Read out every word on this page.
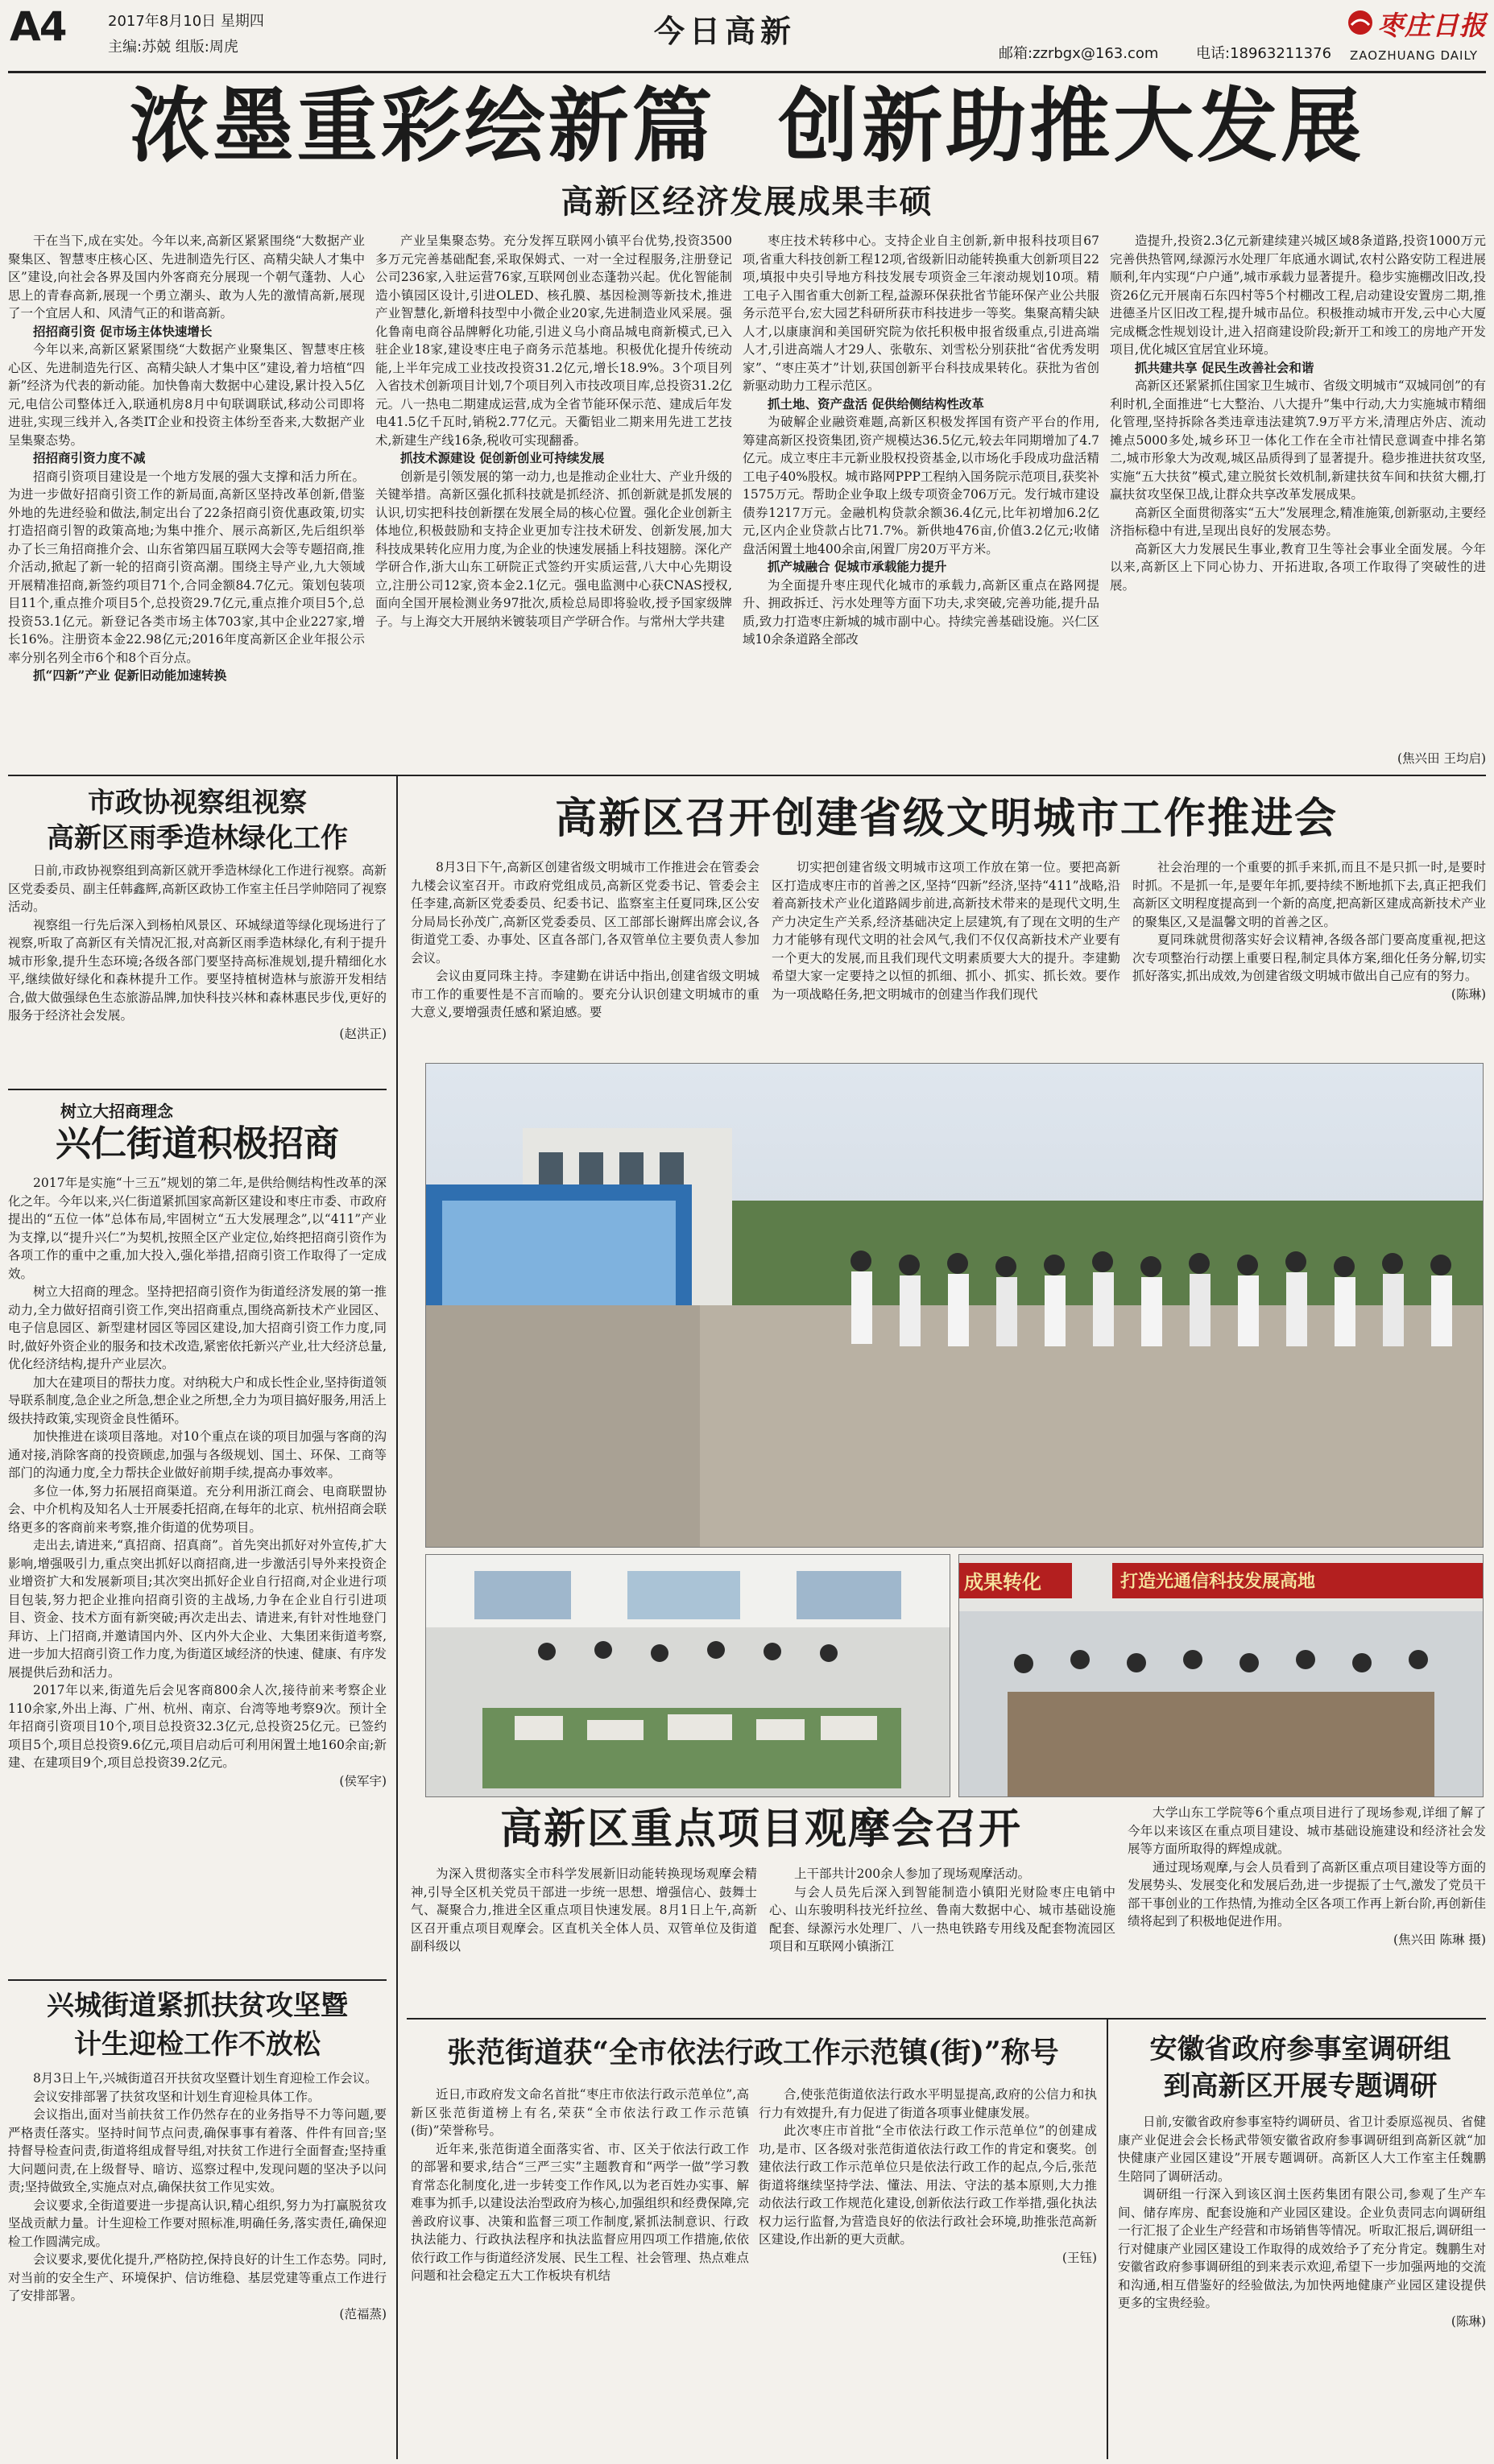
A4	2017年8月10日 星期四
主编:苏兢 组版:周虎	今日高新
邮箱:zzrbgx@163.com	电话:18963211376
枣庄日报
ZAOZHUANG DAILY
浓墨重彩绘新篇  创新助推大发展
高新区经济发展成果丰硕

干在当下,成在实处。今年以来,高新区紧紧围绕“大数据产业聚集区、智慧枣庄核心区、先进制造先行区、高精尖缺人才集中区”建设,向社会各界及国内外客商充分展现一个朝气蓬勃、人心思上的青春高新,展现一个勇立潮头、敢为人先的激情高新,展现了一个宜居人和、风清气正的和谐高新。

招招商引资 促市场主体快速增长

今年以来,高新区紧紧围绕“大数据产业聚集区、智慧枣庄核心区、先进制造先行区、高精尖缺人才集中区”建设,着力培植“四新”经济为代表的新动能。加快鲁南大数据中心建设,累计投入5亿元,电信公司整体迁入,联通机房8月中旬联调联试,移动公司即将进驻,实现三线并入,各类IT企业和投资主体纷至沓来,大数据产业呈集聚态势。

招招商引资力度不减

招商引资项目建设是一个地方发展的强大支撑和活力所在。为进一步做好招商引资工作的新局面,高新区坚持改革创新,借鉴外地的先进经验和做法,制定出台了22条招商引资优惠政策,切实打造招商引智的政策高地;为集中推介、展示高新区,先后组织举办了长三角招商推介会、山东省第四届互联网大会等专题招商,推介活动,掀起了新一轮的招商引资高潮。围绕主导产业,九大领域开展精准招商,新签约项目71个,合同金额84.7亿元。策划包装项目11个,重点推介项目5个,总投资29.7亿元,重点推介项目5个,总投资53.1亿元。新登记各类市场主体703家,其中企业227家,增长16%。注册资本金22.98亿元;2016年度高新区企业年报公示率分别名列全市6个和8个百分点。

抓“四新”产业 促新旧动能加速转换

产业呈集聚态势。充分发挥互联网小镇平台优势,投资3500多万元完善基础配套,采取保姆式、一对一全过程服务,注册登记公司236家,入驻运营76家,互联网创业态蓬勃兴起。优化智能制造小镇园区设计,引进OLED、核孔膜、基因检测等新技术,推进产业智慧化,新增科技型中小微企业20家,先进制造业风采展。强化鲁南电商谷品牌孵化功能,引进义乌小商品城电商新模式,已入驻企业18家,建设枣庄电子商务示范基地。积极优化提升传统动能,上半年完成工业技改投资31.2亿元,增长18.9%。3个项目列入省技术创新项目计划,7个项目列入市技改项目库,总投资31.2亿元。八一热电二期建成运营,成为全省节能环保示范、建成后年发电41.5亿千瓦时,销税2.77亿元。天衢铝业二期来用先进工艺技术,新建生产线16条,税收可实现翻番。

抓技术源建设 促创新创业可持续发展

创新是引领发展的第一动力,也是推动企业壮大、产业升级的关键举措。高新区强化抓科技就是抓经济、抓创新就是抓发展的认识,切实把科技创新摆在发展全局的核心位置。强化企业创新主体地位,积极鼓励和支持企业更加专注技术研发、创新发展,加大科技成果转化应用力度,为企业的快速发展插上科技翅膀。深化产学研合作,浙大山东工研院正式签约开实质运营,八大中心先期设立,注册公司12家,资本金2.1亿元。强电监测中心获CNAS授权,面向全国开展检测业务97批次,质检总局即将验收,授予国家级牌子。与上海交大开展纳米镀装项目产学研合作。与常州大学共建

枣庄技术转移中心。支持企业自主创新,新申报科技项目67项,省重大科技创新工程12项,省级新旧动能转换重大创新项目22项,填报中央引导地方科技发展专项资金三年滚动规划10项。精工电子入围省重大创新工程,益源环保获批省节能环保产业公共服务示范平台,宏大园艺科研所获市科技进步一等奖。集聚高精尖缺人才,以康康润和美国研究院为依托积极申报省级重点,引进高端人才,引进高端人才29人、张敬东、刘雪松分别获批“省优秀发明家”、“枣庄英才”计划,获国创新平台科技成果转化。获批为省创新驱动助力工程示范区。

抓土地、资产盘活 促供给侧结构性改革

为破解企业融资难题,高新区积极发挥国有资产平台的作用,筹建高新区投资集团,资产规模达36.5亿元,较去年同期增加了4.7亿元。成立枣庄丰元新业股权投资基金,以市场化手段成功盘活精工电子40%股权。城市路网PPP工程纳入国务院示范项目,获奖补1575万元。帮助企业争取上级专项资金706万元。发行城市建设债券1217万元。金融机构贷款余额36.4亿元,比年初增加6.2亿元,区内企业贷款占比71.7%。新供地476亩,价值3.2亿元;收储盘活闲置土地400余亩,闲置厂房20万平方米。

抓产城融合 促城市承载能力提升

为全面提升枣庄现代化城市的承载力,高新区重点在路网提升、拥政拆迁、污水处理等方面下功夫,求突破,完善功能,提升品质,致力打造枣庄新城的城市副中心。持续完善基础设施。兴仁区域10余条道路全部改

造提升,投资2.3亿元新建续建兴城区域8条道路,投资1000万元完善供热管网,绿源污水处理厂年底通水调试,农村公路安防工程进展顺利,年内实现“户户通”,城市承载力显著提升。稳步实施棚改旧改,投资26亿元开展南石东四村等5个村棚改工程,启动建设安置房二期,推进德圣片区旧改工程,提升城市品位。积极推动城市开发,云中心大厦完成概念性规划设计,进入招商建设阶段;新开工和竣工的房地产开发项目,优化城区宜居宜业环境。

抓共建共享 促民生改善社会和谐

高新区还紧紧抓住国家卫生城市、省级文明城市“双城同创”的有利时机,全面推进“七大整治、八大提升”集中行动,大力实施城市精细化管理,坚持拆除各类违章违法建筑7.9万平方米,清理店外店、流动摊点5000多处,城乡环卫一体化工作在全市社情民意调查中排名第二,城市形象大为改观,城区品质得到了显著提升。稳步推进扶贫攻坚,实施“五大扶贫”模式,建立脱贫长效机制,新建扶贫车间和扶贫大棚,打赢扶贫攻坚保卫战,让群众共享改革发展成果。

高新区全面贯彻落实“五大”发展理念,精准施策,创新驱动,主要经济指标稳中有进,呈现出良好的发展态势。

高新区大力发展民生事业,教育卫生等社会事业全面发展。今年以来,高新区上下同心协力、开拓进取,各项工作取得了突破性的进展。

(焦兴田 王均启)
市政协视察组视察
高新区雨季造林绿化工作

日前,市政协视察组到高新区就开季造林绿化工作进行视察。高新区党委委员、副主任韩鑫辉,高新区政协工作室主任吕学帅陪同了视察活动。

视察组一行先后深入到杨柏风景区、环城绿道等绿化现场进行了视察,听取了高新区有关情况汇报,对高新区雨季造林绿化,有利于提升城市形象,提升生态环境;各级各部门要坚持高标准规划,提升精细化水平,继续做好绿化和森林提升工作。要坚持植树造林与旅游开发相结合,做大做强绿色生态旅游品牌,加快科技兴林和森林惠民步伐,更好的服务于经济社会发展。

(赵洪正)

树立大招商理念
兴仁街道积极招商

2017年是实施“十三五”规划的第二年,是供给侧结构性改革的深化之年。今年以来,兴仁街道紧抓国家高新区建设和枣庄市委、市政府提出的“五位一体”总体布局,牢固树立“五大发展理念”,以“411”产业为支撑,以“提升兴仁”为契机,按照全区产业定位,始终把招商引资作为各项工作的重中之重,加大投入,强化举措,招商引资工作取得了一定成效。

树立大招商的理念。坚持把招商引资作为街道经济发展的第一推动力,全力做好招商引资工作,突出招商重点,围绕高新技术产业园区、电子信息园区、新型建材园区等园区建设,加大招商引资工作力度,同时,做好外资企业的服务和技术改造,紧密依托新兴产业,壮大经济总量,优化经济结构,提升产业层次。

加大在建项目的帮扶力度。对纳税大户和成长性企业,坚持街道领导联系制度,急企业之所急,想企业之所想,全力为项目搞好服务,用活上级扶持政策,实现资金良性循环。

加快推进在谈项目落地。对10个重点在谈的项目加强与客商的沟通对接,消除客商的投资顾虑,加强与各级规划、国土、环保、工商等部门的沟通力度,全力帮扶企业做好前期手续,提高办事效率。

多位一体,努力拓展招商渠道。充分利用浙江商会、电商联盟协会、中介机构及知名人士开展委托招商,在每年的北京、杭州招商会联络更多的客商前来考察,推介街道的优势项目。

走出去,请进来,“真招商、招真商”。首先突出抓好对外宣传,扩大影响,增强吸引力,重点突出抓好以商招商,进一步激活引导外来投资企业增资扩大和发展新项目;其次突出抓好企业自行招商,对企业进行项目包装,努力把企业推向招商引资的主战场,力争在企业自行引进项目、资金、技术方面有新突破;再次走出去、请进来,有针对性地登门拜访、上门招商,并邀请国内外、区内外大企业、大集团来街道考察,进一步加大招商引资工作力度,为街道区域经济的快速、健康、有序发展提供后劲和活力。

2017年以来,街道先后会见客商800余人次,接待前来考察企业110余家,外出上海、广州、杭州、南京、台湾等地考察9次。预计全年招商引资项目10个,项目总投资32.3亿元,总投资25亿元。已签约项目5个,项目总投资9.6亿元,项目启动后可利用闲置土地160余亩;新建、在建项目9个,项目总投资39.2亿元。

(侯军宇)

兴城街道紧抓扶贫攻坚暨
计生迎检工作不放松

8月3日上午,兴城街道召开扶贫攻坚暨计划生育迎检工作会议。

会议安排部署了扶贫攻坚和计划生育迎检具体工作。

会议指出,面对当前扶贫工作仍然存在的业务指导不力等问题,要严格责任落实。坚持时间节点问责,确保事事有着落、件件有回音;坚持督导检查问责,街道将组成督导组,对扶贫工作进行全面督查;坚持重大问题问责,在上级督导、暗访、巡察过程中,发现问题的坚决予以问责;坚持做致全,实施点对点,确保扶贫工作见实效。

会议要求,全街道要进一步提高认识,精心组织,努力为打赢脱贫攻坚战贡献力量。计生迎检工作要对照标准,明确任务,落实责任,确保迎检工作圆满完成。

会议要求,要优化提升,严格防控,保持良好的计生工作态势。同时,对当前的安全生产、环境保护、信访维稳、基层党建等重点工作进行了安排部署。

(范福蒸)

高新区召开创建省级文明城市工作推进会

8月3日下午,高新区创建省级文明城市工作推进会在管委会九楼会议室召开。市政府党组成员,高新区党委书记、管委会主任李建,高新区党委委员、纪委书记、监察室主任夏同珠,区公安分局局长孙茂广,高新区党委委员、区工部部长谢辉出席会议,各街道党工委、办事处、区直各部门,各双管单位主要负责人参加会议。

会议由夏同珠主持。李建勤在讲话中指出,创建省级文明城市工作的重要性是不言而喻的。要充分认识创建文明城市的重大意义,要增强责任感和紧迫感。要

切实把创建省级文明城市这项工作放在第一位。要把高新区打造成枣庄市的首善之区,坚持“四新”经济,坚持“411”战略,沿着高新技术产业化道路阔步前进,高新技术带来的是现代文明,生产力决定生产关系,经济基础决定上层建筑,有了现在文明的生产力才能够有现代文明的社会风气,我们不仅仅高新技术产业要有一个更大的发展,而且我们现代文明素质要大大的提升。李建勤希望大家一定要持之以恒的抓细、抓小、抓实、抓长效。要作为一项战略任务,把文明城市的创建当作我们现代

社会治理的一个重要的抓手来抓,而且不是只抓一时,是要时时抓。不是抓一年,是要年年抓,要持续不断地抓下去,真正把我们高新区文明程度提高到一个新的高度,把高新区建成高新技术产业的聚集区,又是温馨文明的首善之区。

夏同珠就贯彻落实好会议精神,各级各部门要高度重视,把这次专项整治行动摆上重要日程,制定具体方案,细化任务分解,切实抓好落实,抓出成效,为创建省级文明城市做出自己应有的努力。

(陈琳)

成果转化	打造光通信科技发展高地
高新区重点项目观摩会召开

为深入贯彻落实全市科学发展新旧动能转换现场观摩会精神,引导全区机关党员干部进一步统一思想、增强信心、鼓舞士气、凝聚合力,推进全区重点项目快速发展。8月1日上午,高新区召开重点项目观摩会。区直机关全体人员、双管单位及街道副科级以

上干部共计200余人参加了现场观摩活动。

与会人员先后深入到智能制造小镇阳光财险枣庄电销中心、山东骏明科技光纤拉丝、鲁南大数据中心、城市基础设施配套、绿源污水处理厂、八一热电铁路专用线及配套物流园区项目和互联网小镇浙江

大学山东工学院等6个重点项目进行了现场参观,详细了解了今年以来该区在重点项目建设、城市基础设施建设和经济社会发展等方面所取得的辉煌成就。

通过现场观摩,与会人员看到了高新区重点项目建设等方面的发展势头、发展变化和发展后劲,进一步提振了士气,激发了党员干部干事创业的工作热情,为推动全区各项工作再上新台阶,再创新佳绩将起到了积极地促进作用。

(焦兴田 陈琳 摄)

张范街道获“全市依法行政工作示范镇(街)”称号

近日,市政府发文命名首批“枣庄市依法行政示范单位”,高新区张范街道榜上有名,荣获“全市依法行政工作示范镇(街)”荣誉称号。

近年来,张范街道全面落实省、市、区关于依法行政工作的部署和要求,结合“三严三实”主题教育和“两学一做”学习教育常态化制度化,进一步转变工作作风,以为老百姓办实事、解难事为抓手,以建设法治型政府为核心,加强组织和经费保障,完善政府议事、决策和监督三项工作制度,紧抓法制意识、行政执法能力、行政执法程序和执法监督应用四项工作措施,依依依行政工作与街道经济发展、民生工程、社会管理、热点难点问题和社会稳定五大工作板块有机结

合,使张范街道依法行政水平明显提高,政府的公信力和执行力有效提升,有力促进了街道各项事业健康发展。

此次枣庄市首批“全市依法行政工作示范单位”的创建成功,是市、区各级对张范街道依法行政工作的肯定和褒奖。创建依法行政工作示范单位只是依法行政工作的起点,今后,张范街道将继续坚持学法、懂法、用法、守法的基本原则,大力推动依法行政工作规范化建设,创新依法行政工作举措,强化执法权力运行监督,为营造良好的依法行政社会环境,助推张范高新区建设,作出新的更大贡献。

(王钰)

安徽省政府参事室调研组
到高新区开展专题调研

日前,安徽省政府参事室特约调研员、省卫计委原巡视员、省健康产业促进会会长杨武带领安徽省政府参事调研组到高新区就“加快健康产业园区建设”开展专题调研。高新区人大工作室主任魏鹏生陪同了调研活动。

调研组一行深入到该区润土医药集团有限公司,参观了生产车间、储存库房、配套设施和产业园区建设。企业负责同志向调研组一行汇报了企业生产经营和市场销售等情况。听取汇报后,调研组一行对健康产业园区建设工作取得的成效给予了充分肯定。魏鹏生对安徽省政府参事调研组的到来表示欢迎,希望下一步加强两地的交流和沟通,相互借鉴好的经验做法,为加快两地健康产业园区建设提供更多的宝贵经验。

(陈琳)
